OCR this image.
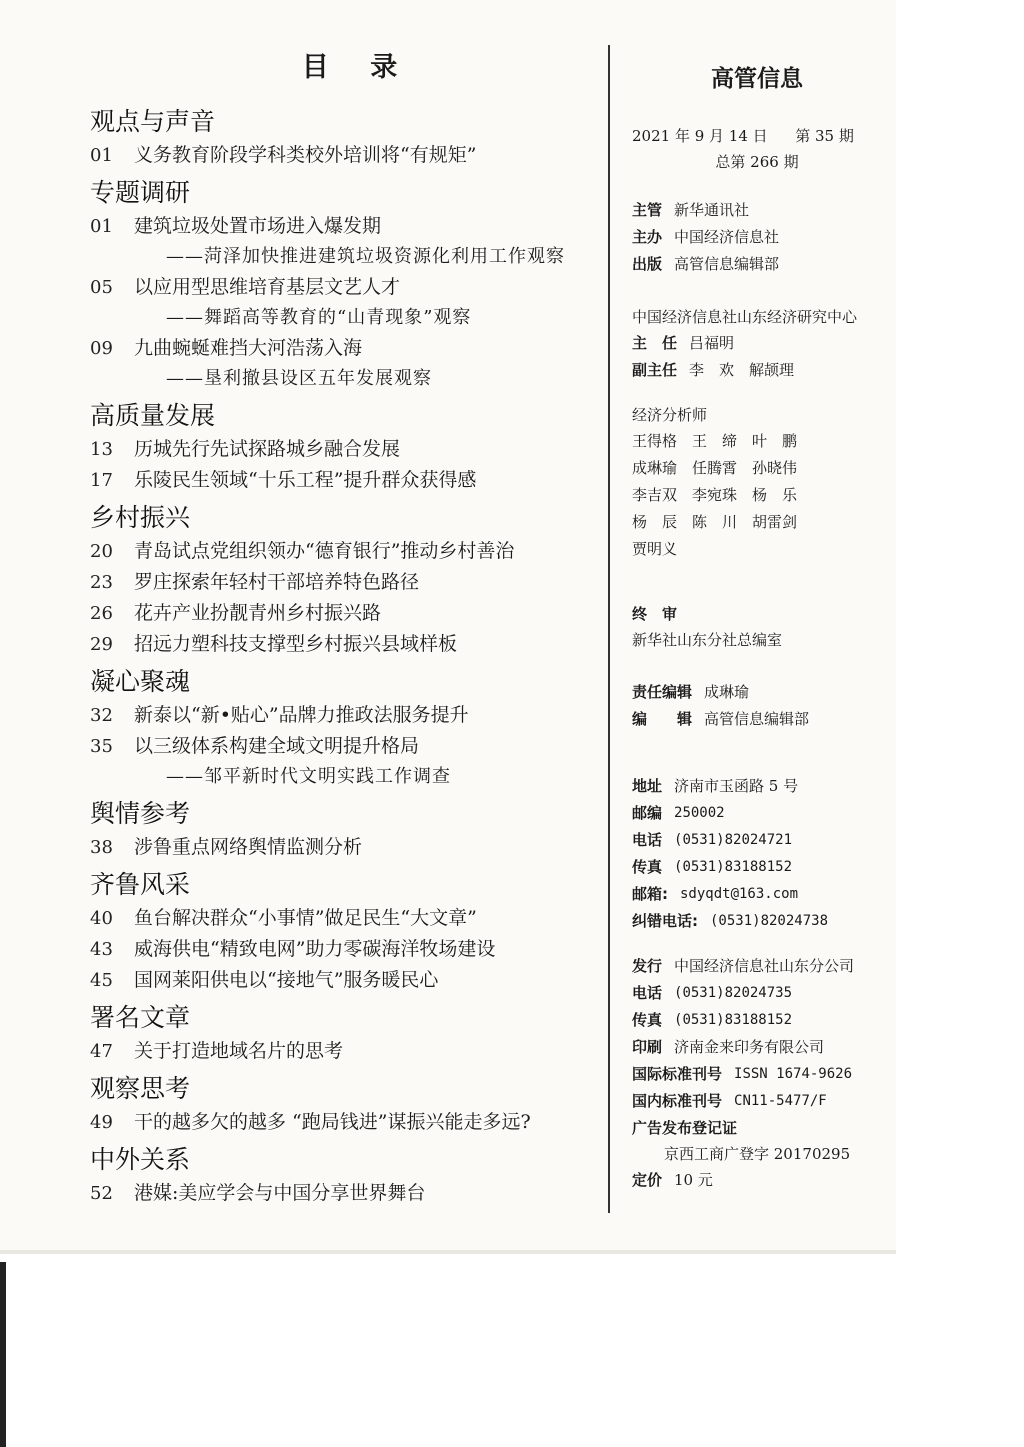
目 录
观点与声音
01	义务教育阶段学科类校外培训将“有规矩”
专题调研
01	建筑垃圾处置市场进入爆发期
——菏泽加快推进建筑垃圾资源化利用工作观察
05	以应用型思维培育基层文艺人才
——舞蹈高等教育的“山青现象”观察
09	九曲蜿蜒难挡大河浩荡入海
——垦利撤县设区五年发展观察
高质量发展
13	历城先行先试探路城乡融合发展
17	乐陵民生领域“十乐工程”提升群众获得感
乡村振兴
20	青岛试点党组织领办“德育银行”推动乡村善治
23	罗庄探索年轻村干部培养特色路径
26	花卉产业扮靓青州乡村振兴路
29	招远力塑科技支撑型乡村振兴县域样板
凝心聚魂
32	新泰以“新•贴心”品牌力推政法服务提升
35	以三级体系构建全域文明提升格局
——邹平新时代文明实践工作调查
舆情参考
38	涉鲁重点网络舆情监测分析
齐鲁风采
40	鱼台解决群众“小事情”做足民生“大文章”
43	威海供电“精致电网”助力零碳海洋牧场建设
45	国网莱阳供电以“接地气”服务暖民心
署名文章
47	关于打造地域名片的思考
观察思考
49	干的越多欠的越多 “跑局钱进”谋振兴能走多远?
中外关系
52	港媒:美应学会与中国分享世界舞台
高管信息
2021 年 9 月 14 日 第 35 期
总第 266 期
主管 新华通讯社
主办 中国经济信息社
出版 高管信息编辑部
中国经济信息社山东经济研究中心
主　任 吕福明
副主任 李　欢　解颉理
经济分析师
王得格　王　缔　叶　鹏
成琳瑜　任腾霄　孙晓伟
李吉双　李宛珠　杨　乐
杨　辰　陈　川　胡雷剑
贾明义
终　审
新华社山东分社总编室
责任编辑 成琳瑜
编　　辑 高管信息编辑部
地址 济南市玉函路 5 号
邮编 250002
电话 (0531)82024721
传真 (0531)83188152
邮箱: sdyqdt@163.com
纠错电话: (0531)82024738
发行 中国经济信息社山东分公司
电话 (0531)82024735
传真 (0531)83188152
印刷 济南金来印务有限公司
国际标准刊号 ISSN 1674-9626
国内标准刊号 CN11-5477/F
广告发布登记证
京西工商广登字 20170295
定价 10 元
